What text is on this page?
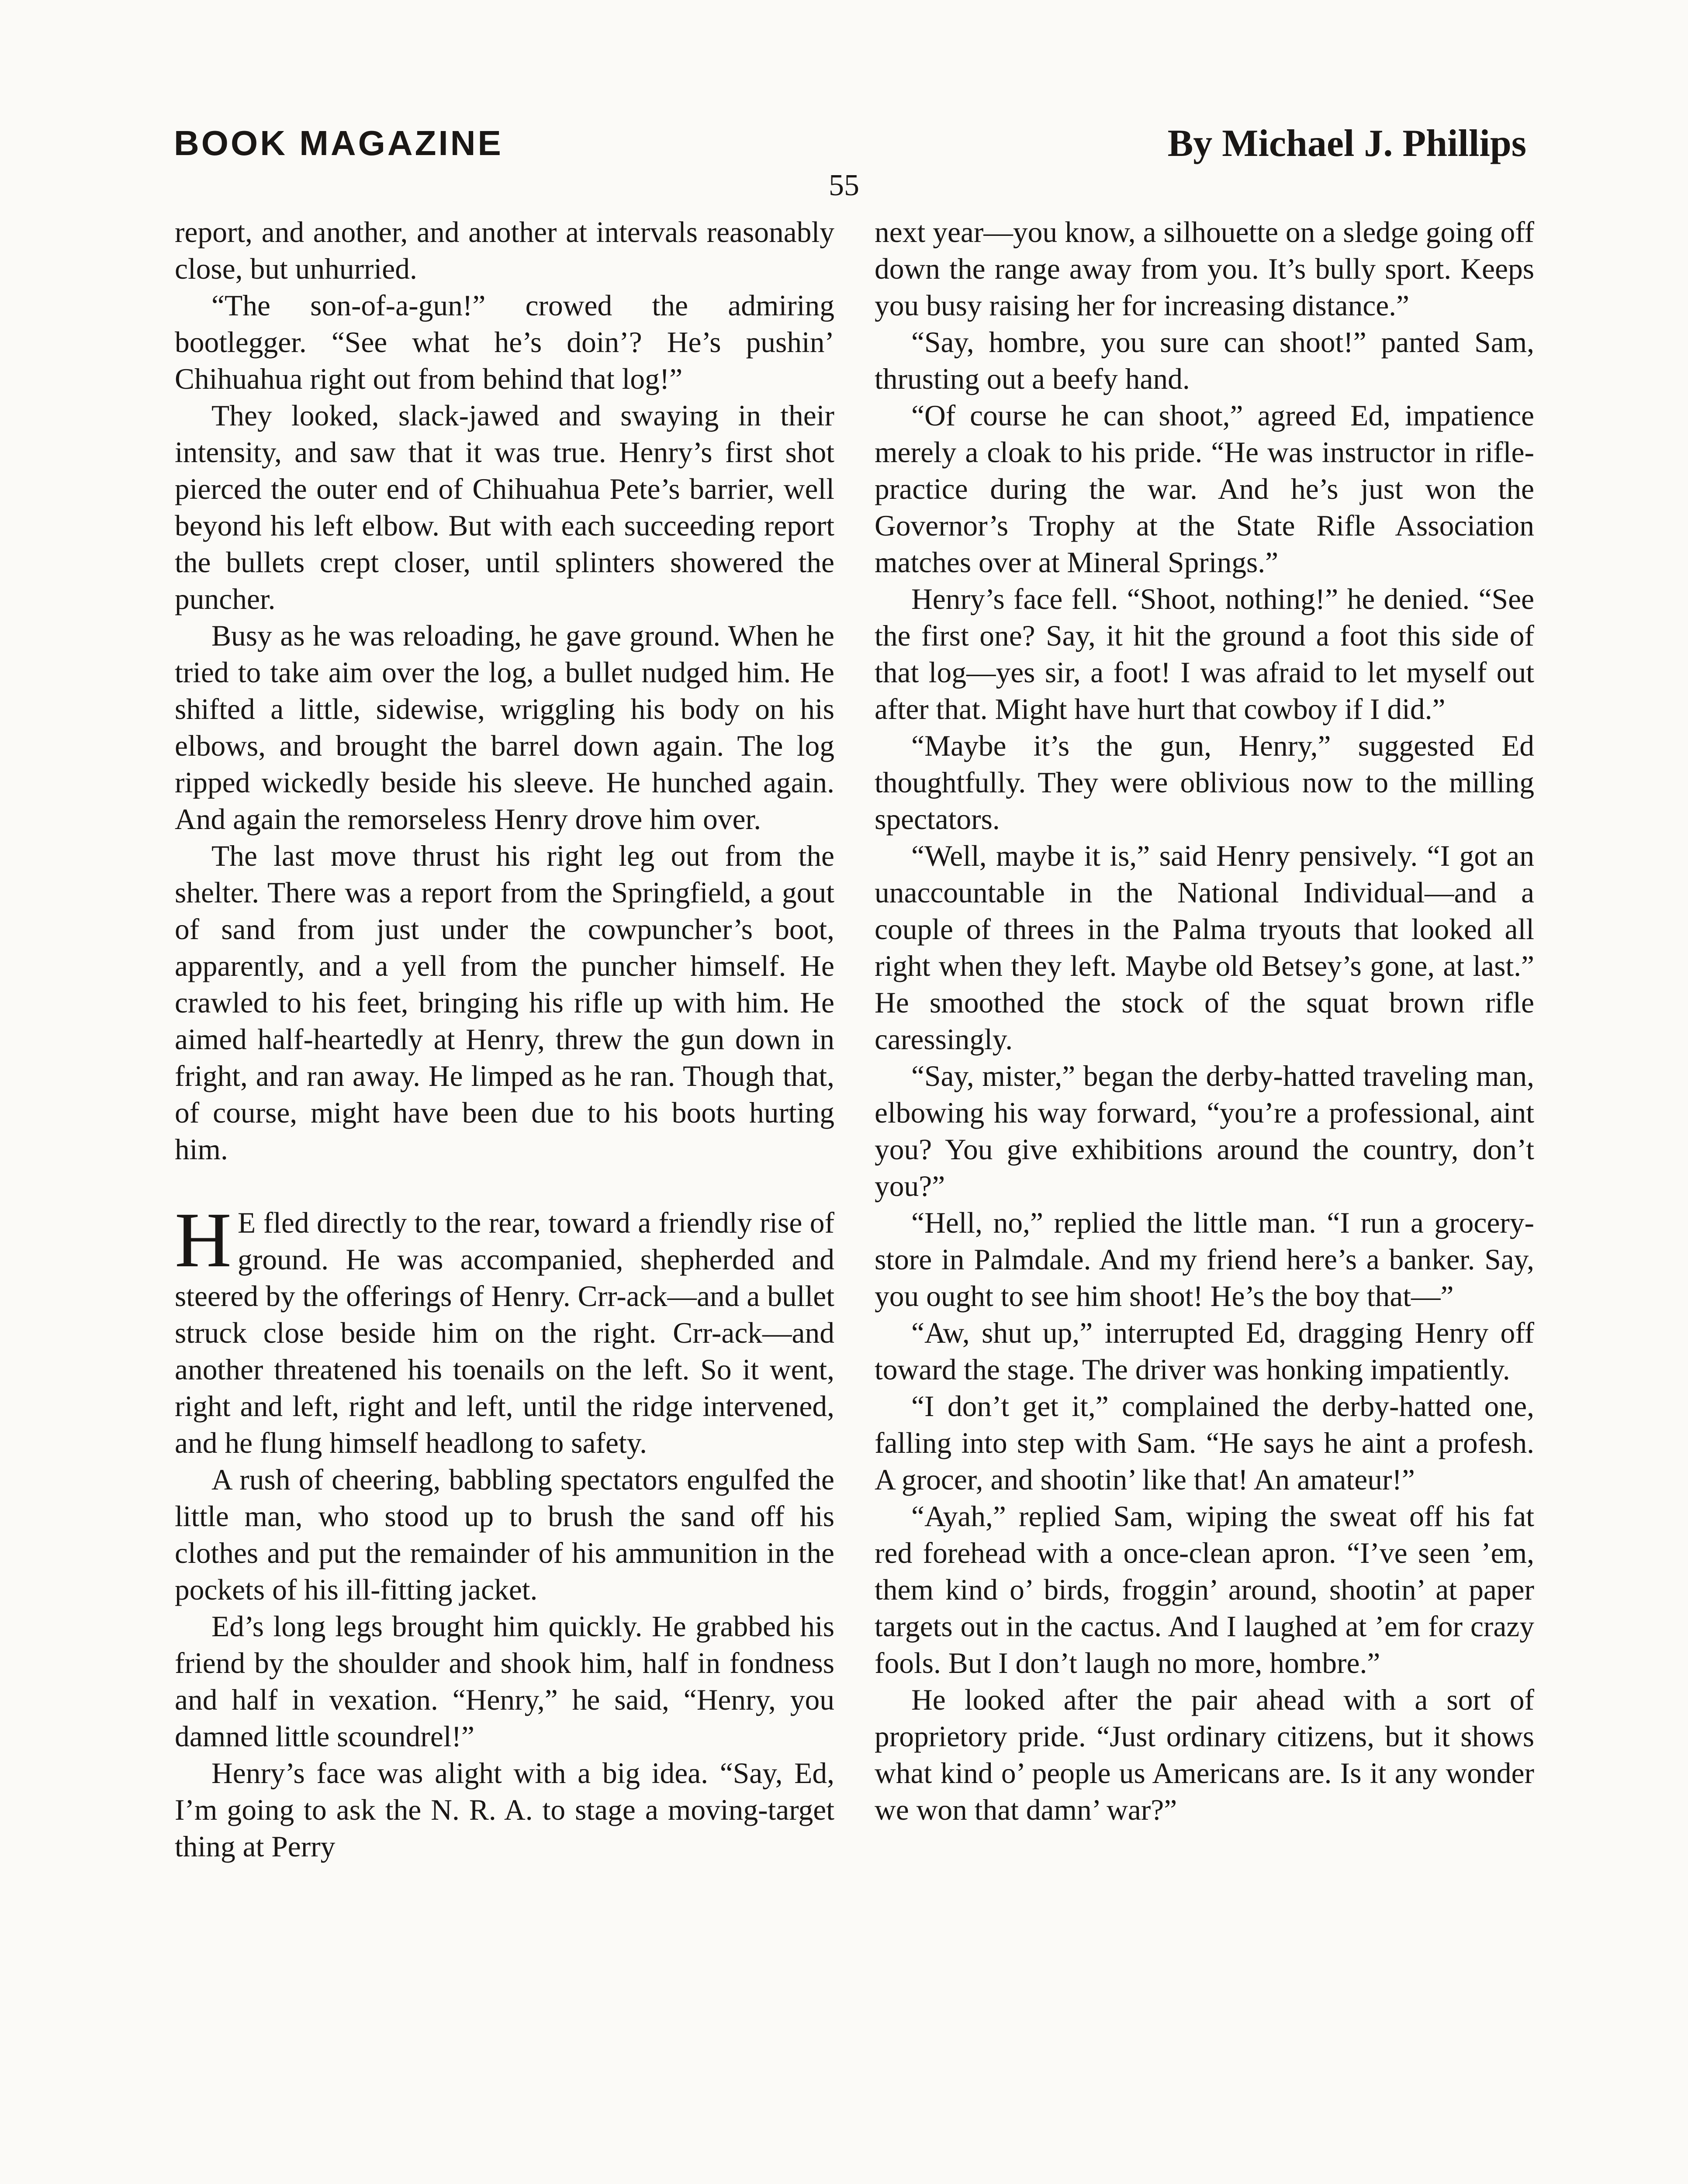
BOOK MAGAZINE	By Michael J. Phillips
55

report, and another, and another at intervals reasonably close, but unhurried.

“The son-of-a-gun!” crowed the admiring bootlegger. “See what he’s doin’? He’s pushin’ Chihuahua right out from behind that log!”

They looked, slack-jawed and swaying in their intensity, and saw that it was true. Henry’s first shot pierced the outer end of Chihuahua Pete’s barrier, well beyond his left elbow. But with each succeeding report the bullets crept closer, until splinters showered the puncher.

Busy as he was reloading, he gave ground. When he tried to take aim over the log, a bullet nudged him. He shifted a little, sidewise, wriggling his body on his elbows, and brought the barrel down again. The log ripped wickedly beside his sleeve. He hunched again. And again the remorseless Henry drove him over.

The last move thrust his right leg out from the shelter. There was a report from the Springfield, a gout of sand from just under the cowpuncher’s boot, apparently, and a yell from the puncher himself. He crawled to his feet, bringing his rifle up with him. He aimed half-heartedly at Henry, threw the gun down in fright, and ran away. He limped as he ran. Though that, of course, might have been due to his boots hurting him.

HE fled directly to the rear, toward a friendly rise of ground. He was accompanied, shepherded and steered by the offerings of Henry. Crr-ack—and a bullet struck close beside him on the right. Crr-ack—and another threatened his toenails on the left. So it went, right and left, right and left, until the ridge intervened, and he flung himself headlong to safety.

A rush of cheering, babbling spectators engulfed the little man, who stood up to brush the sand off his clothes and put the remainder of his ammunition in the pockets of his ill-fitting jacket.

Ed’s long legs brought him quickly. He grabbed his friend by the shoulder and shook him, half in fondness and half in vexation. “Henry,” he said, “Henry, you damned little scoundrel!”

Henry’s face was alight with a big idea. “Say, Ed, I’m going to ask the N. R. A. to stage a moving-target thing at Perry

next year—you know, a silhouette on a sledge going off down the range away from you. It’s bully sport. Keeps you busy raising her for increasing distance.”

“Say, hombre, you sure can shoot!” panted Sam, thrusting out a beefy hand.

“Of course he can shoot,” agreed Ed, impatience merely a cloak to his pride. “He was instructor in rifle-practice during the war. And he’s just won the Governor’s Trophy at the State Rifle Association matches over at Mineral Springs.”

Henry’s face fell. “Shoot, nothing!” he denied. “See the first one? Say, it hit the ground a foot this side of that log—yes sir, a foot! I was afraid to let myself out after that. Might have hurt that cowboy if I did.”

“Maybe it’s the gun, Henry,” suggested Ed thoughtfully. They were oblivious now to the milling spectators.

“Well, maybe it is,” said Henry pensively. “I got an unaccountable in the National Individual—and a couple of threes in the Palma tryouts that looked all right when they left. Maybe old Betsey’s gone, at last.” He smoothed the stock of the squat brown rifle caressingly.

“Say, mister,” began the derby-hatted traveling man, elbowing his way forward, “you’re a professional, aint you? You give exhibitions around the country, don’t you?”

“Hell, no,” replied the little man. “I run a grocery-store in Palmdale. And my friend here’s a banker. Say, you ought to see him shoot! He’s the boy that—”

“Aw, shut up,” interrupted Ed, dragging Henry off toward the stage. The driver was honking impatiently.

“I don’t get it,” complained the derby-hatted one, falling into step with Sam. “He says he aint a profesh. A grocer, and shootin’ like that! An amateur!”

“Ayah,” replied Sam, wiping the sweat off his fat red forehead with a once-clean apron. “I’ve seen ’em, them kind o’ birds, froggin’ around, shootin’ at paper targets out in the cactus. And I laughed at ’em for crazy fools. But I don’t laugh no more, hombre.”

He looked after the pair ahead with a sort of proprietory pride. “Just ordinary citizens, but it shows what kind o’ people us Americans are. Is it any wonder we won that damn’ war?”
